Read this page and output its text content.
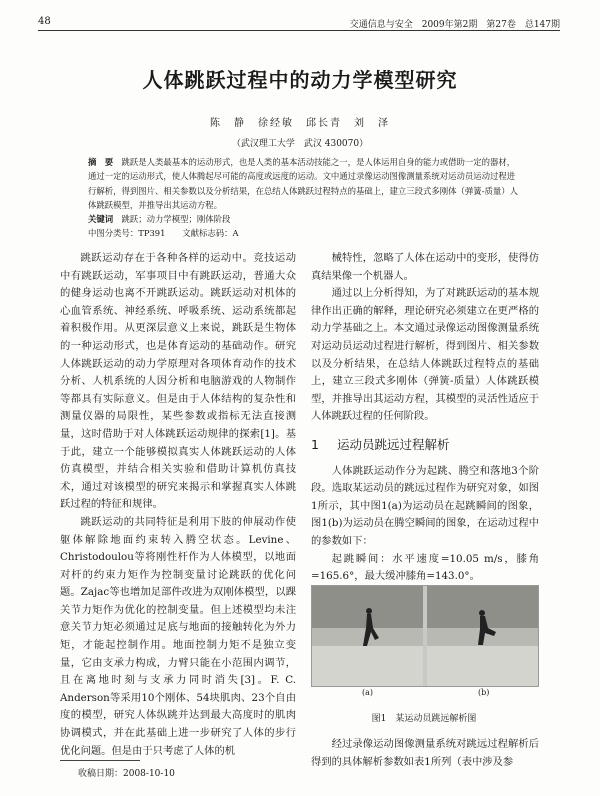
48	交通信息与安全　2009年第2期　第27卷　总147期
人体跳跃过程中的动力学模型研究
陈　静　徐经敏　邱长青　刘　泽
（武汉理工大学　武汉 430070）
摘　要　 跳跃是人类最基本的运动形式，也是人类的基本活动技能之一，是人体运用自身的能力或借助一定的器材，通过一定的运动形式，使人体腾起尽可能的高度或远度的运动。文中通过录像运动图像测量系统对运动员运动过程进行解析，得到图片、相关参数以及分析结果，在总结人体跳跃过程特点的基础上，建立三段式多刚体（弹簧-质量）人体跳跃模型，并推导出其运动方程。
关键词　 跳跃；动力学模型；刚体阶段
中图分类号：TP391　　文献标志码：A

跳跃运动存在于各种各样的运动中。竞技运动中有跳跃运动，军事项目中有跳跃运动，普通大众的健身运动也离不开跳跃运动。跳跃运动对机体的心血管系统、神经系统、呼吸系统、运动系统都起着积极作用。从更深层意义上来说，跳跃是生物体的一种运动形式，也是体育运动的基础动作。研究人体跳跃运动的动力学原理对各项体育动作的技术分析、人机系统的人因分析和电脑游戏的人物制作等都具有实际意义。但是由于人体结构的复杂性和测量仪器的局限性，某些参数或指标无法直接测量，这时借助于对人体跳跃运动规律的探索[1]。基于此，建立一个能够模拟真实人体跳跃运动的人体仿真模型，并结合相关实验和借助计算机仿真技术，通过对该模型的研究来揭示和掌握真实人体跳跃过程的特征和规律。

跳跃运动的共同特征是利用下肢的伸展动作使躯体解除地面约束转入腾空状态。Levine、Christodoulou等将刚性杆作为人体模型，以地面对杆的约束力矩作为控制变量讨论跳跃的优化问题。Zajac等也增加足部件改进为双刚体模型，以踝关节力矩作为优化的控制变量。但上述模型均未注意关节力矩必须通过足底与地面的接触转化为外力矩，才能起控制作用。地面控制力矩不是独立变量，它由支承力构成，力臂只能在小范围内调节，且在离地时刻与支承力同时消失[3]。F. C. Anderson等采用10个刚体、54块肌肉、23个自由度的模型，研究人体纵跳并达到最大高度时的肌肉协调模式，并在此基础上进一步研究了人体的步行优化问题。但是由于只考虑了人体的机

械特性，忽略了人体在运动中的变形，使得仿真结果像一个机器人。

通过以上分析得知，为了对跳跃运动的基本规律作出正确的解释，理论研究必须建立在更严格的动力学基础之上。本文通过录像运动图像测量系统对运动员运动过程进行解析，得到图片、相关参数以及分析结果，在总结人体跳跃过程特点的基础上，建立三段式多刚体（弹簧-质量）人体跳跃模型，并推导出其运动方程，其模型的灵活性适应于人体跳跃过程的任何阶段。

1 运动员跳远过程解析

人体跳跃运动作分为起跳、腾空和落地3个阶段。选取某运动员的跳远过程作为研究对象，如图1所示，其中图1(a)为运动员在起跳瞬间的图象，图1(b)为运动员在腾空瞬间的图象，在运动过程中的参数如下：

起跳瞬间：水平速度=10.05 m/s，膝角=165.6°，最大缓冲膝角=143.0°。

(a)	(b)
图1　某运动员跳远解析图
经过录像运动图像测量系统对跳远过程解析后得到的具体解析参数如表1所列（表中涉及参
收稿日期：2008-10-10
